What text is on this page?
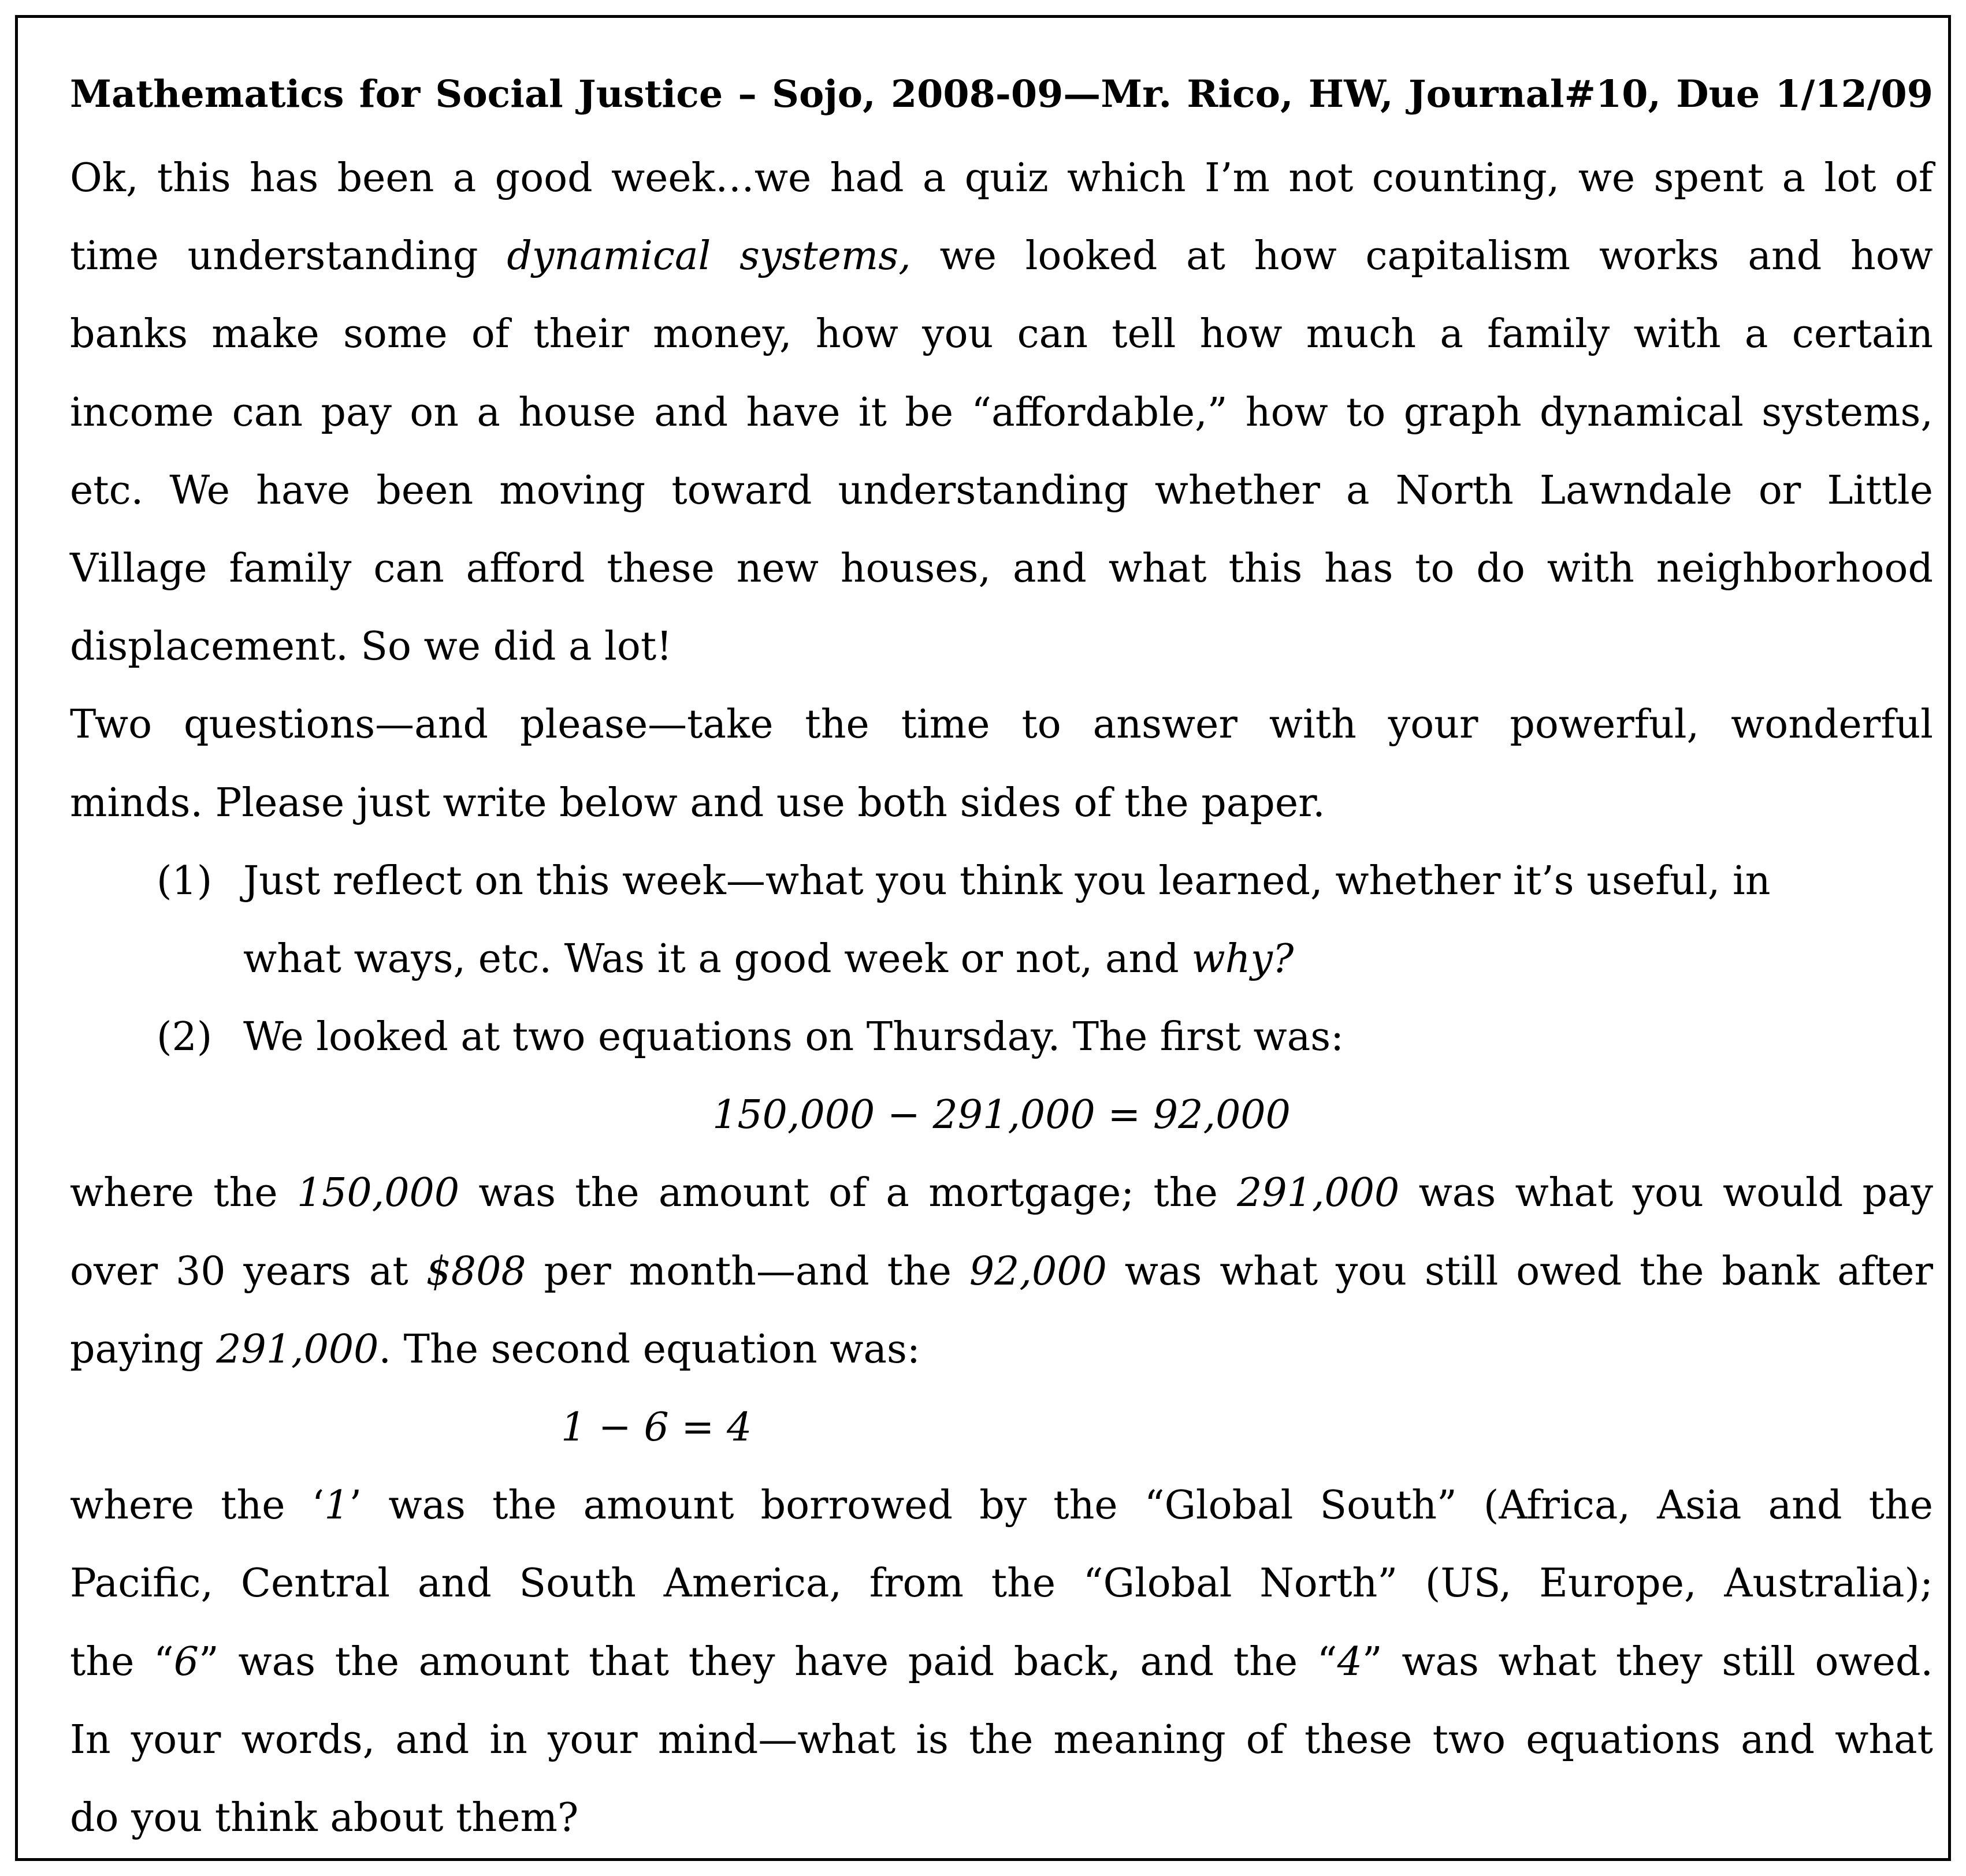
Mathematics for Social Justice – Sojo, 2008-09—Mr. Rico, HW, Journal#10, Due 1/12/09
Ok, this has been a good week…we had a quiz which I’m not counting, we spent a lot of
time understanding dynamical systems, we looked at how capitalism works and how
banks make some of their money, how you can tell how much a family with a certain
income can pay on a house and have it be “affordable,” how to graph dynamical systems,
etc. We have been moving toward understanding whether a North Lawndale or Little
Village family can afford these new houses, and what this has to do with neighborhood
displacement. So we did a lot!
Two questions—and please—take the time to answer with your powerful, wonderful
minds. Please just write below and use both sides of the paper.
(1) Just reflect on this week—what you think you learned, whether it’s useful, in
what ways, etc. Was it a good week or not, and why?
(2) We looked at two equations on Thursday. The first was:
150,000 − 291,000 = 92,000
where the 150,000 was the amount of a mortgage; the 291,000 was what you would pay
over 30 years at $808 per month—and the 92,000 was what you still owed the bank after
paying 291,000. The second equation was:
1 − 6 = 4
where the ‘1’ was the amount borrowed by the “Global South” (Africa, Asia and the
Pacific, Central and South America, from the “Global North” (US, Europe, Australia);
the “6” was the amount that they have paid back, and the “4” was what they still owed.
In your words, and in your mind—what is the meaning of these two equations and what
do you think about them?
